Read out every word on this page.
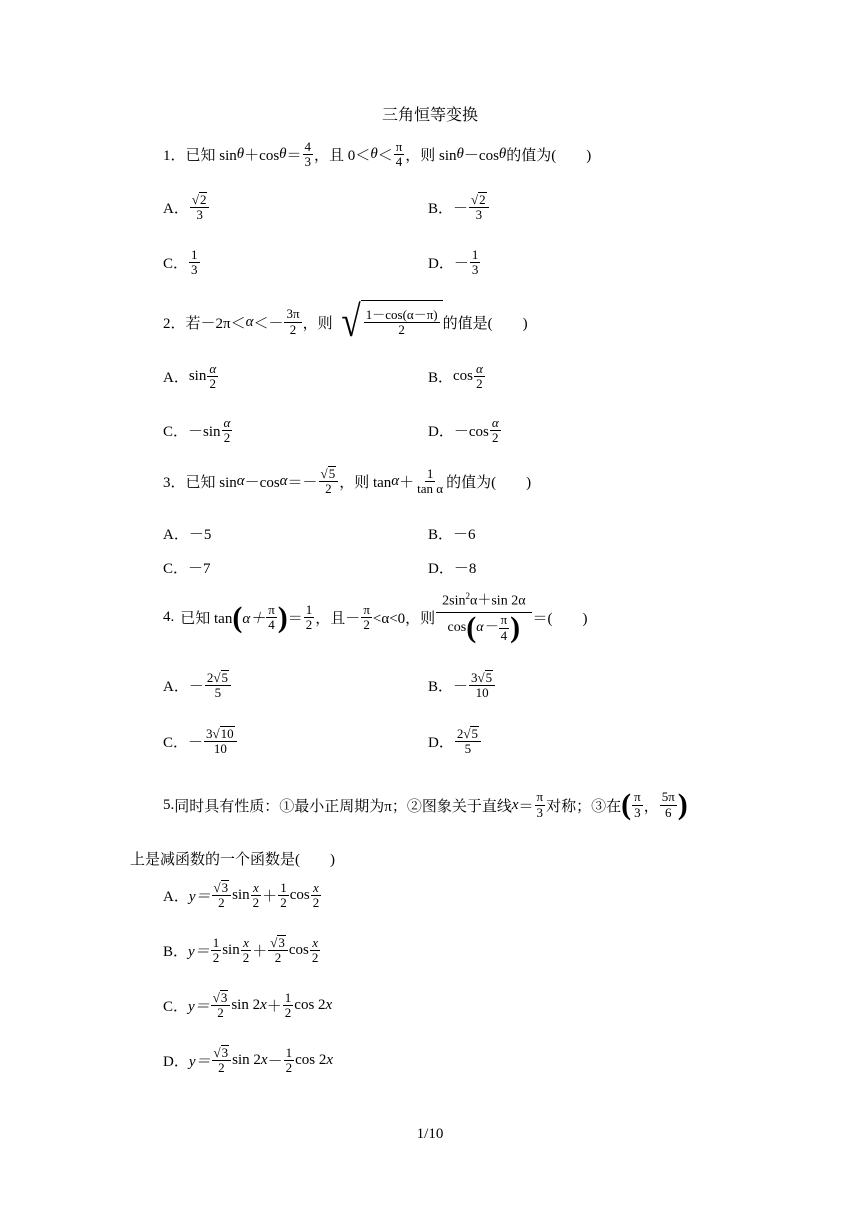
三角恒等变换
1． 已知 sin θ ＋cos $\theta = \frac{4}{3}$ ，且 $0< \theta < \frac{\pi}{4}$ ，则 sin θ －cos θ 的值为(　　)
A． $\frac{√ 2}{3}$	B． － $\frac{√ 2}{3}$
C． $\frac{1}{3}$	D． － $\frac{1}{3}$
2． 若$-2\pi< \alpha <- \frac{3\pi}{2}$ ，则 √ $\frac{1-\cos(\alpha-\pi)}{2}$ 的值是(　　)
A． $\sin \frac{\alpha}{2}$	B． $\cos \frac{\alpha}{2}$
C． $-\sin \frac{\alpha}{2}$	D． $-\cos \frac{\alpha}{2}$
3． 已知 sin α －cos $\alpha =- \frac{√ 5}{2}$ ，则 $\tan \alpha + \frac{1}{\text{tan α}}$ 的值为(　　)
A． －5	B． －6
C． －7	D． －8
4. 已知 tan ( $\alpha+ \frac{\pi}{4}$ ) ＝ $\frac{1}{2}$ ，且－ $\frac{\pi}{2} <\alpha<0$，则 $\frac{2\sin^2\alpha+\sin 2\alpha}{\cos ( \alpha- \frac{\pi}{4} )}$ ＝(　　)
A． － $\frac{2 √ 5}{5}$	B． － $\frac{3 √ 5}{10}$
C． － $\frac{3 √ 10}{10}$	D． $\frac{2 √ 5}{5}$
5. 同时具有性质：①最小正周期为π；②图象关于直线 $x = \frac{\pi}{3}$ 对称；③在 ( $\frac{\pi}{3}$ ， $\frac{5\pi}{6}$ )
上是减函数的一个函数是(　　)
A． $y= \frac{√ 3}{2}$ $\sin \frac{x}{2} + \frac{1}{2}$ $\cos \frac{x}{2}$
B． $y= \frac{1}{2}$ $\sin \frac{x}{2} + \frac{√ 3}{2}$ $\cos \frac{x}{2}$
C． $y= \frac{√ 3}{2}$ sin 2 $x + \frac{1}{2}$ cos 2 x
D． $y= \frac{√ 3}{2}$ sin 2 $x - \frac{1}{2}$ cos 2 x
1/10
